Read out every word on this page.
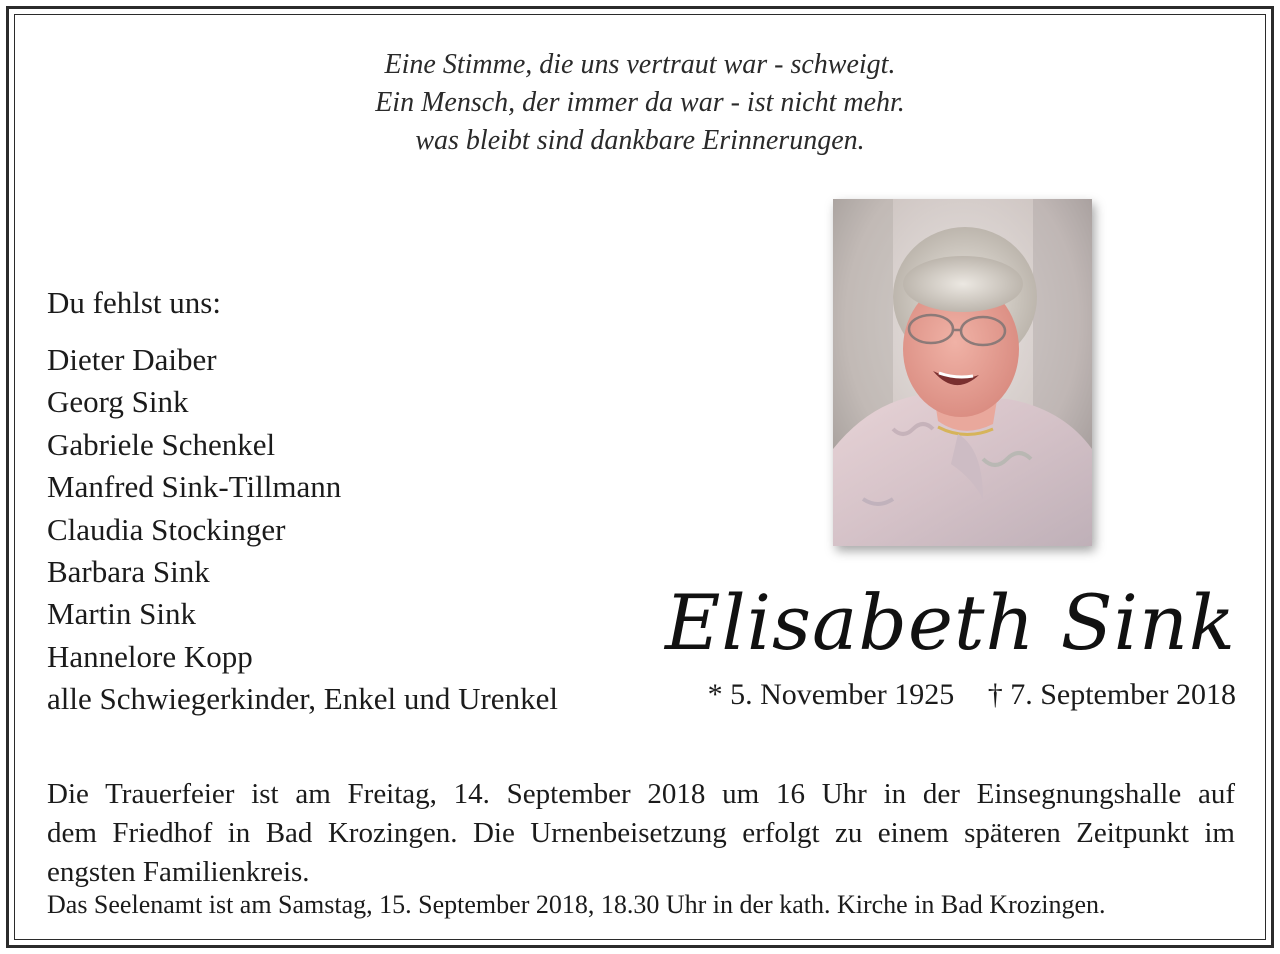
Eine Stimme, die uns vertraut war - schweigt.
Ein Mensch, der immer da war - ist nicht mehr.
was bleibt sind dankbare Erinnerungen.
Du fehlst uns:
Dieter Daiber
Georg Sink
Gabriele Schenkel
Manfred Sink-Tillmann
Claudia Stockinger
Barbara Sink
Martin Sink
Hannelore Kopp
alle Schwiegerkinder, Enkel und Urenkel
Elisabeth Sink
* 5. November 1925 † 7. September 2018
Die Trauerfeier ist am Freitag, 14. September 2018 um 16 Uhr in der Einsegnungshalle auf
dem Friedhof in Bad Krozingen. Die Urnenbeisetzung erfolgt zu einem späteren Zeitpunkt im
engsten Familienkreis.
Das Seelenamt ist am Samstag, 15. September 2018, 18.30 Uhr in der kath. Kirche in Bad Krozingen.
